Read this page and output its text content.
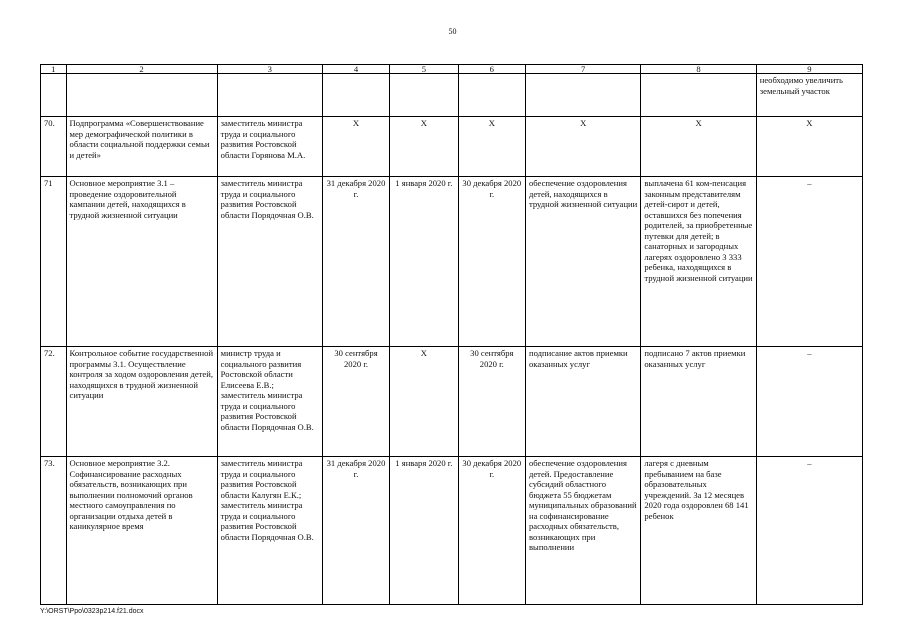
50
1	2	3	4	5	6	7	8	9
								необходимо увеличить земельный участок
70.	Подпрограмма «Совершенствование мер демографической политики в области социальной поддержки семьи и детей»	заместитель министра труда и социального развития Ростовской области Горянова М.А.	X	X	X	X	X	X
71	Основное мероприятие 3.1 – проведение оздоровительной кампании детей, находящихся в трудной жизненной ситуации	заместитель министра труда и социального развития Ростовской области Порядочная О.В.	31 декабря 2020 г.	1 января 2020 г.	30 декабря 2020 г.	обеспечение оздоровления детей, находящихся в трудной жизненной ситуации	выплачена 61 ком-пенсация законным представителям детей-сирот и детей, оставшихся без попечения родителей, за приобретенные путевки для детей; в санаторных и загородных лагерях оздоровлено 3 333 ребенка, находящихся в трудной жизненной ситуации	–
72.	Контрольное событие государственной программы 3.1. Осуществление контроля за ходом оздоровления детей, находящихся в трудной жизненной ситуации	министр труда и социального развития Ростовской области Елисеева Е.В.; заместитель министра труда и социального развития Ростовской области Порядочная О.В.	30 сентября 2020 г.	X	30 сентября 2020 г.	подписание актов приемки оказанных услуг	подписано 7 актов приемки оказанных услуг	–
73.	Основное мероприятие 3.2. Софинансирование расходных обязательств, возникающих при выполнении полномочий органов местного самоуправления по организации отдыха детей в каникулярное время	заместитель министра труда и социального развития Ростовской области Калугян Е.К.; заместитель министра труда и социального развития Ростовской области Порядочная О.В.	31 декабря 2020 г.	1 января 2020 г.	30 декабря 2020 г.	обеспечение оздоровления детей. Предоставление субсидий областного бюджета 55 бюджетам муниципальных образований на софинансирование расходных обязательств, возникающих при выполнении	лагеря с дневным пребыванием на базе образовательных учреждений. За 12 месяцев 2020 года оздоровлен 68 141 ребенок	–
Y:\ORST\Ppo\0323p214.f21.docx
